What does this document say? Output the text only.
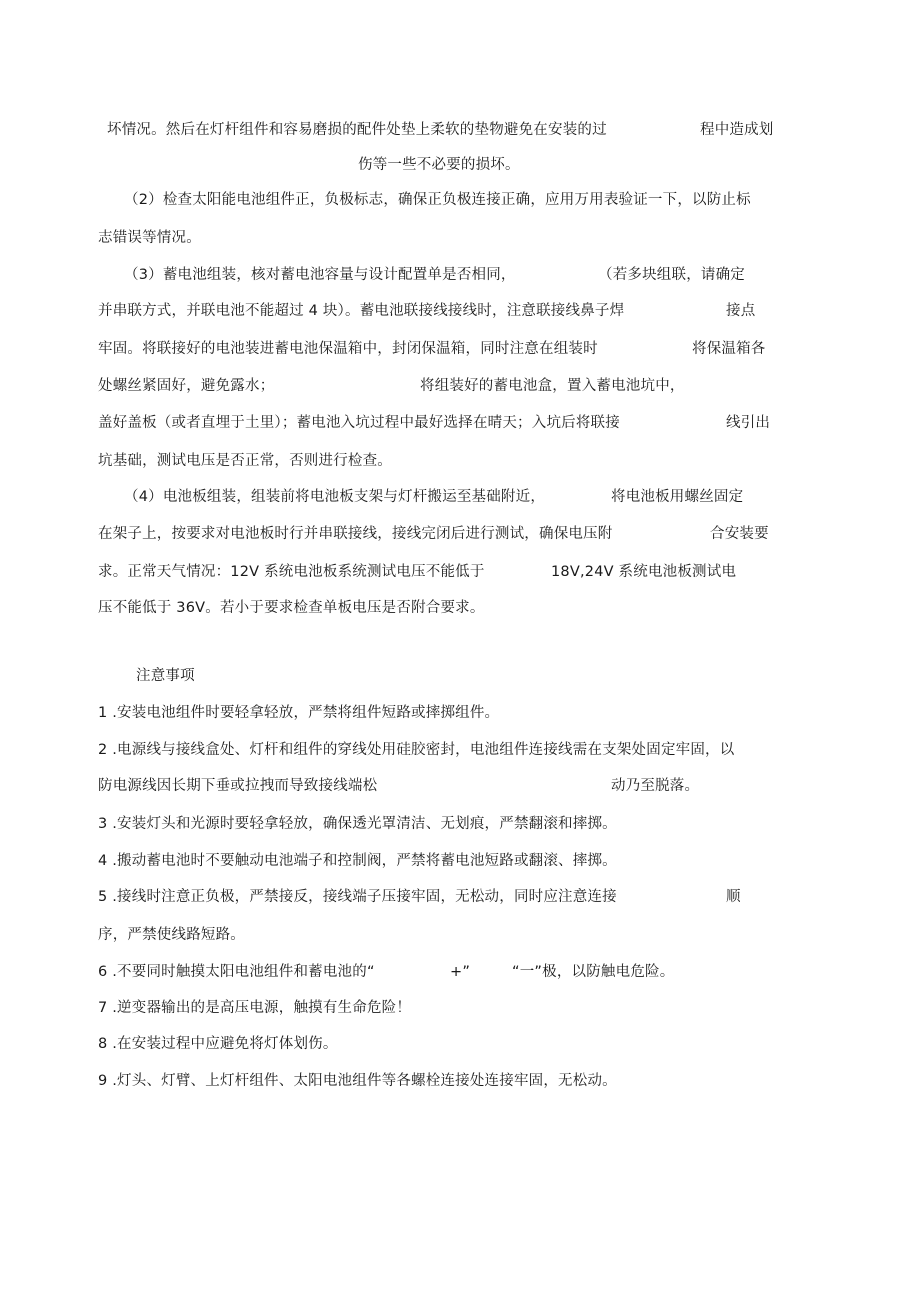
坏情况。然后在灯杆组件和容易磨损的配件处垫上柔软的垫物避免在安装的过	程中造成划
伤等一些不必要的损坏。
（2）检查太阳能电池组件正，负极标志，确保正负极连接正确，应用万用表验证一下，以防止标
志错误等情况。
（3）蓄电池组装，核对蓄电池容量与设计配置单是否相同，	（若多块组联，请确定
并串联方式，并联电池不能超过 4 块）。蓄电池联接线接线时，注意联接线鼻子焊	接点
牢固。将联接好的电池装进蓄电池保温箱中，封闭保温箱，同时注意在组装时	将保温箱各
处螺丝紧固好，避免露水；	将组装好的蓄电池盒，置入蓄电池坑中，
盖好盖板（或者直埋于土里）；蓄电池入坑过程中最好选择在晴天；入坑后将联接	线引出
坑基础，测试电压是否正常，否则进行检查。
（4）电池板组装，组装前将电池板支架与灯杆搬运至基础附近，	将电池板用螺丝固定
在架子上，按要求对电池板时行并串联接线，接线完闭后进行测试，确保电压附	合安装要
求。正常天气情况：12V 系统电池板系统测试电压不能低于	18V,24V 系统电池板测试电
压不能低于 36V。若小于要求检查单板电压是否附合要求。
注意事项
1 .安装电池组件时要轻拿轻放，严禁将组件短路或摔掷组件。
2 .电源线与接线盒处、灯杆和组件的穿线处用硅胶密封，电池组件连接线需在支架处固定牢固，以
防电源线因长期下垂或拉拽而导致接线端松	动乃至脱落。
3 .安装灯头和光源时要轻拿轻放，确保透光罩清洁、无划痕，严禁翻滚和摔掷。
4 .搬动蓄电池时不要触动电池端子和控制阀，严禁将蓄电池短路或翻滚、摔掷。
5 .接线时注意正负极，严禁接反，接线端子压接牢固，无松动，同时应注意连接	顺
序，严禁使线路短路。
6 .不要同时触摸太阳电池组件和蓄电池的“	+”	“一”极，以防触电危险。
7 .逆变器输出的是高压电源，触摸有生命危险！
8 .在安装过程中应避免将灯体划伤。
9 .灯头、灯臂、上灯杆组件、太阳电池组件等各螺栓连接处连接牢固，无松动。
